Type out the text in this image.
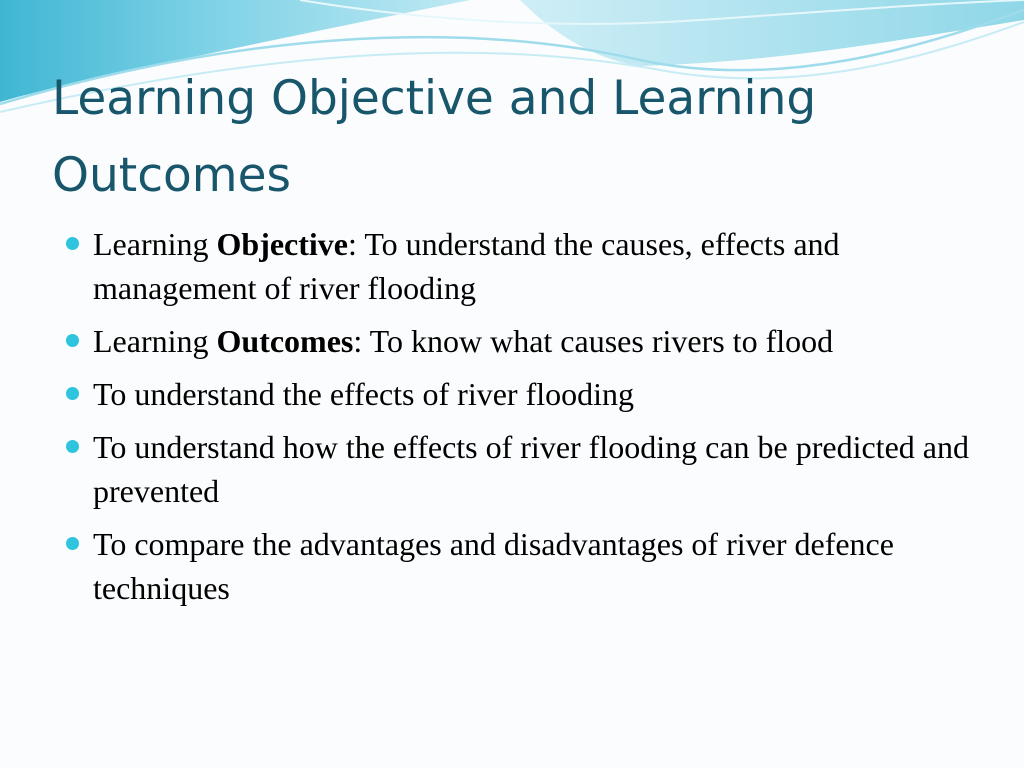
Learning Objective and Learning Outcomes
Learning Objective: To understand the causes, effects and management of river flooding
Learning Outcomes: To know what causes rivers to flood
To understand the effects of river flooding
To understand how the effects of river flooding can be predicted and prevented
To compare the advantages and disadvantages of river defence techniques
